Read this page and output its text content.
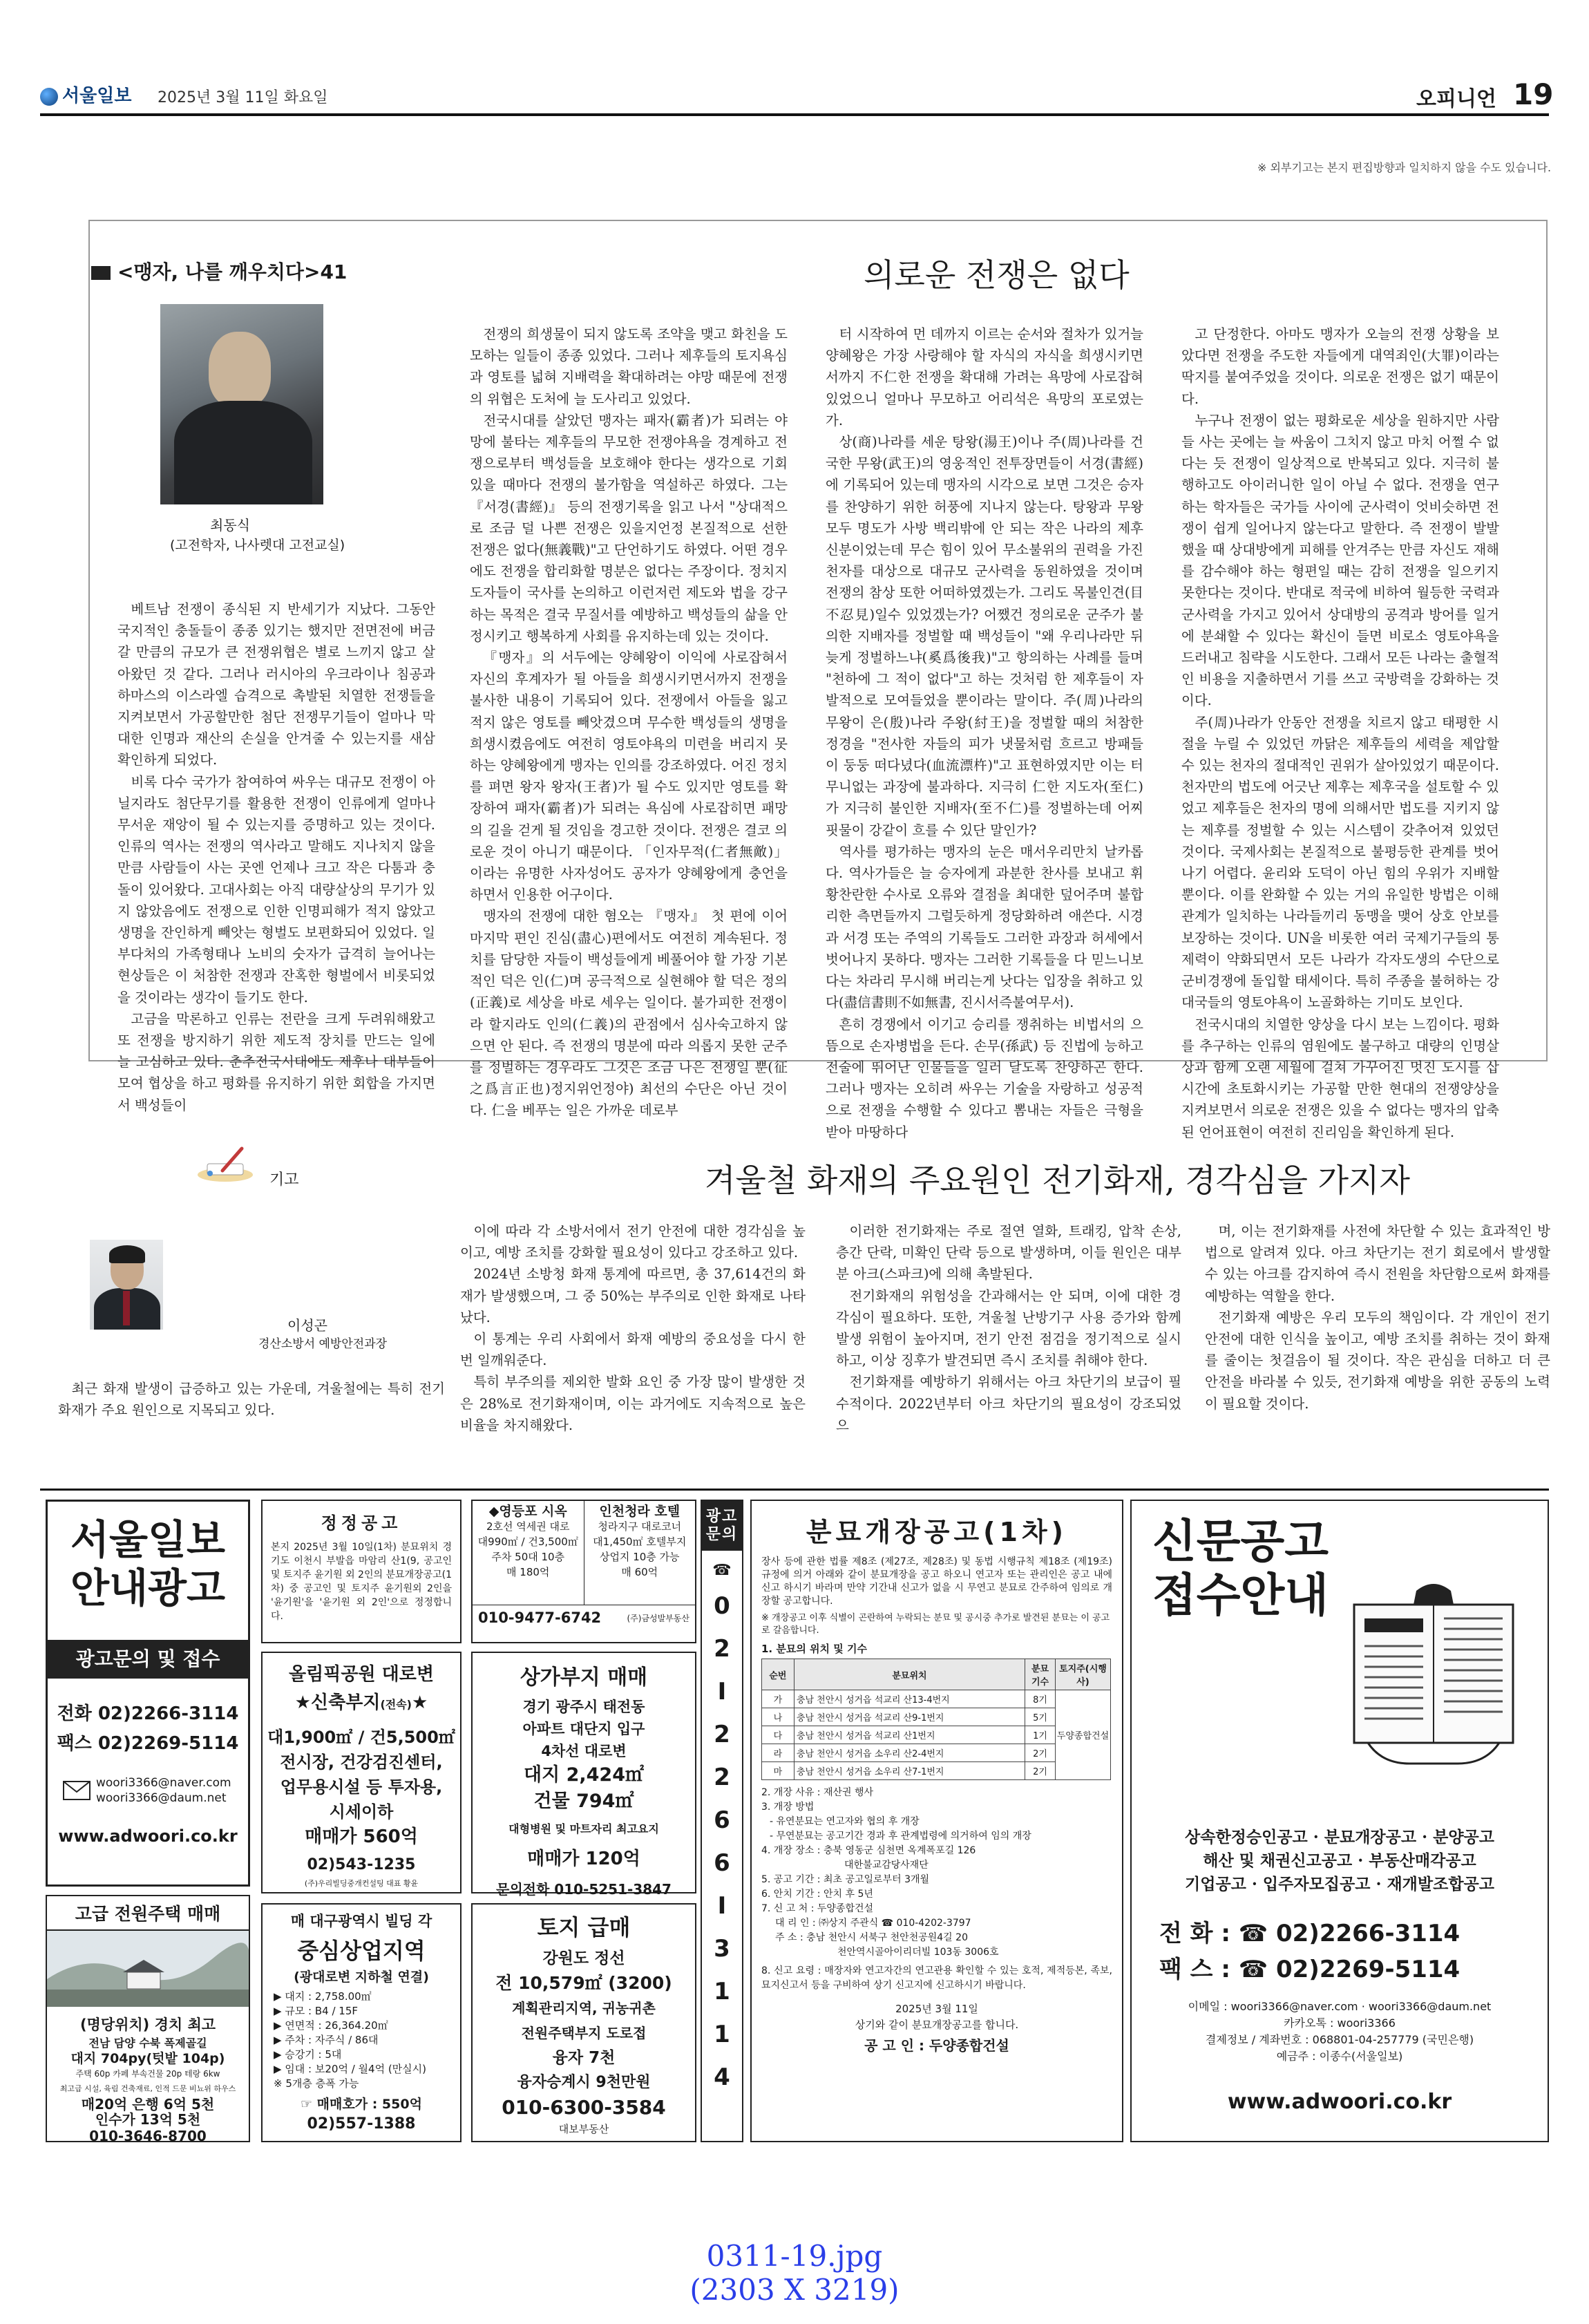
서울일보 2025년 3월 11일 화요일	오피니언 19
※ 외부기고는 본지 편집방향과 일치하지 않을 수도 있습니다.
<맹자, 나를 깨우치다>41	의로운 전쟁은 없다
최동식
(고전학자, 나사렛대 고전교실)

베트남 전쟁이 종식된 지 반세기가 지났다. 그동안 국지적인 충돌들이 종종 있기는 했지만 전면전에 버금갈 만큼의 규모가 큰 전쟁위협은 별로 느끼지 않고 살아왔던 것 같다. 그러나 러시아의 우크라이나 침공과 하마스의 이스라엘 습격으로 촉발된 치열한 전쟁들을 지켜보면서 가공할만한 첨단 전쟁무기들이 얼마나 막대한 인명과 재산의 손실을 안겨줄 수 있는지를 새삼 확인하게 되었다.

비록 다수 국가가 참여하여 싸우는 대규모 전쟁이 아닐지라도 첨단무기를 활용한 전쟁이 인류에게 얼마나 무서운 재앙이 될 수 있는지를 증명하고 있는 것이다. 인류의 역사는 전쟁의 역사라고 말해도 지나치지 않을 만큼 사람들이 사는 곳엔 언제나 크고 작은 다툼과 충돌이 있어왔다. 고대사회는 아직 대량살상의 무기가 있지 않았음에도 전쟁으로 인한 인명피해가 적지 않았고 생명을 잔인하게 빼앗는 형벌도 보편화되어 있었다. 일부다처의 가족형태나 노비의 숫자가 급격히 늘어나는 현상들은 이 처참한 전쟁과 잔혹한 형벌에서 비롯되었을 것이라는 생각이 들기도 한다.

고금을 막론하고 인류는 전란을 크게 두려워해왔고 또 전쟁을 방지하기 위한 제도적 장치를 만드는 일에 늘 고심하고 있다. 춘추전국시대에도 제후나 대부들이 모여 협상을 하고 평화를 유지하기 위한 회합을 가지면서 백성들이

전쟁의 희생물이 되지 않도록 조약을 맺고 화친을 도모하는 일들이 종종 있었다. 그러나 제후들의 토지욕심과 영토를 넓혀 지배력을 확대하려는 야망 때문에 전쟁의 위협은 도처에 늘 도사리고 있었다.

전국시대를 살았던 맹자는 패자(霸者)가 되려는 야망에 불타는 제후들의 무모한 전쟁야욕을 경계하고 전쟁으로부터 백성들을 보호해야 한다는 생각으로 기회 있을 때마다 전쟁의 불가함을 역설하곤 하였다. 그는 『서경(書經)』 등의 전쟁기록을 읽고 나서 "상대적으로 조금 덜 나쁜 전쟁은 있을지언정 본질적으로 선한 전쟁은 없다(無義戰)"고 단언하기도 하였다. 어떤 경우에도 전쟁을 합리화할 명분은 없다는 주장이다. 정치지도자들이 국사를 논의하고 이런저런 제도와 법을 강구하는 목적은 결국 무질서를 예방하고 백성들의 삶을 안정시키고 행복하게 사회를 유지하는데 있는 것이다.

『맹자』의 서두에는 양혜왕이 이익에 사로잡혀서 자신의 후계자가 될 아들을 희생시키면서까지 전쟁을 불사한 내용이 기록되어 있다. 전쟁에서 아들을 잃고 적지 않은 영토를 빼앗겼으며 무수한 백성들의 생명을 희생시켰음에도 여전히 영토야욕의 미련을 버리지 못하는 양혜왕에게 맹자는 인의를 강조하였다. 어진 정치를 펴면 왕자 왕자(王者)가 될 수도 있지만 영토를 확장하여 패자(霸者)가 되려는 욕심에 사로잡히면 패망의 길을 걷게 될 것임을 경고한 것이다. 전쟁은 결코 의로운 것이 아니기 때문이다. 「인자무적(仁者無敵)」이라는 유명한 사자성어도 공자가 양혜왕에게 충언을 하면서 인용한 어구이다.

맹자의 전쟁에 대한 혐오는 『맹자』 첫 편에 이어 마지막 편인 진심(盡心)편에서도 여전히 계속된다. 정치를 담당한 자들이 백성들에게 베풀어야 할 가장 기본적인 덕은 인(仁)며 공극적으로 실현해야 할 덕은 정의(正義)로 세상을 바로 세우는 일이다. 불가피한 전쟁이라 할지라도 인의(仁義)의 관점에서 심사숙고하지 않으면 안 된다. 즉 전쟁의 명분에 따라 의롭지 못한 군주를 정벌하는 경우라도 그것은 조금 나은 전쟁일 뿐(征之爲言正也)정지위언정야) 최선의 수단은 아닌 것이다. 仁을 베푸는 일은 가까운 데로부

터 시작하여 먼 데까지 이르는 순서와 절차가 있거늘 양혜왕은 가장 사랑해야 할 자식의 자식을 희생시키면서까지 不仁한 전쟁을 확대해 가려는 욕망에 사로잡혀 있었으니 얼마나 무모하고 어리석은 욕망의 포로였는가.

상(商)나라를 세운 탕왕(湯王)이나 주(周)나라를 건국한 무왕(武王)의 영웅적인 전투장면들이 서경(書經)에 기록되어 있는데 맹자의 시각으로 보면 그것은 승자를 찬양하기 위한 허풍에 지나지 않는다. 탕왕과 무왕 모두 명도가 사방 백리밖에 안 되는 작은 나라의 제후 신분이었는데 무슨 힘이 있어 무소불위의 권력을 가진 천자를 대상으로 대규모 군사력을 동원하였을 것이며 전쟁의 참상 또한 어떠하였겠는가. 그리도 목불인견(目不忍見)일수 있었겠는가? 어쨌건 정의로운 군주가 불의한 지배자를 정벌할 때 백성들이 "왜 우리나라만 뒤늦게 정벌하느냐(奚爲後我)"고 항의하는 사례를 들며 "천하에 그 적이 없다"고 하는 것처럼 한 제후들이 자발적으로 모여들었을 뿐이라는 말이다. 주(周)나라의 무왕이 은(殷)나라 주왕(紂王)을 정벌할 때의 처참한 정경을 "전사한 자들의 피가 냇물처럼 흐르고 방패들이 둥둥 떠다녔다(血流漂杵)"고 표현하였지만 이는 터무니없는 과장에 불과하다. 지극히 仁한 지도자(至仁)가 지극히 불인한 지배자(至不仁)를 정벌하는데 어찌 핏물이 강같이 흐를 수 있단 말인가?

역사를 평가하는 맹자의 눈은 매서우리만치 날카롭다. 역사가들은 늘 승자에게 과분한 찬사를 보내고 휘황찬란한 수사로 오류와 결점을 최대한 덮어주며 불합리한 측면들까지 그럴듯하게 정당화하려 애쓴다. 시경과 서경 또는 주역의 기록들도 그러한 과장과 허세에서 벗어나지 못하다. 맹자는 그러한 기록들을 다 믿느니보다는 차라리 무시해 버리는게 낫다는 입장을 취하고 있다(盡信書則不如無書, 진시서즉불여무서).

흔히 경쟁에서 이기고 승리를 쟁취하는 비법서의 으뜸으로 손자병법을 든다. 손무(孫武) 등 진법에 능하고 전술에 뛰어난 인물들을 일러 달도록 찬양하곤 한다. 그러나 맹자는 오히려 싸우는 기술을 자랑하고 성공적으로 전쟁을 수행할 수 있다고 뽐내는 자들은 극형을 받아 마땅하다

고 단정한다. 아마도 맹자가 오늘의 전쟁 상황을 보았다면 전쟁을 주도한 자들에게 대역죄인(大罪)이라는 딱지를 붙여주었을 것이다. 의로운 전쟁은 없기 때문이다.

누구나 전쟁이 없는 평화로운 세상을 원하지만 사람들 사는 곳에는 늘 싸움이 그치지 않고 마치 어쩔 수 없다는 듯 전쟁이 일상적으로 반복되고 있다. 지극히 불행하고도 아이러니한 일이 아닐 수 없다. 전쟁을 연구하는 학자들은 국가들 사이에 군사력이 엇비슷하면 전쟁이 쉽게 일어나지 않는다고 말한다. 즉 전쟁이 발발했을 때 상대방에게 피해를 안겨주는 만큼 자신도 재해를 감수해야 하는 형편일 때는 감히 전쟁을 일으키지 못한다는 것이다. 반대로 적국에 비하여 월등한 국력과 군사력을 가지고 있어서 상대방의 공격과 방어를 일거에 분쇄할 수 있다는 확신이 들면 비로소 영토야욕을 드러내고 침략을 시도한다. 그래서 모든 나라는 출혈적인 비용을 지출하면서 기를 쓰고 국방력을 강화하는 것이다.

주(周)나라가 안동안 전쟁을 치르지 않고 태평한 시절을 누릴 수 있었던 까닭은 제후들의 세력을 제압할 수 있는 천자의 절대적인 권위가 살아있었기 때문이다. 천자만의 법도에 어긋난 제후는 제후국을 설토할 수 있었고 제후들은 천자의 명에 의해서만 법도를 지키지 않는 제후를 정벌할 수 있는 시스템이 갖추어져 있었던 것이다. 국제사회는 본질적으로 불평등한 관계를 벗어나기 어렵다. 윤리와 도덕이 아닌 힘의 우위가 지배할 뿐이다. 이를 완화할 수 있는 거의 유일한 방법은 이해관계가 일치하는 나라들끼리 동맹을 맺어 상호 안보를 보장하는 것이다. UN을 비롯한 여러 국제기구들의 통제력이 약화되면서 모든 나라가 각자도생의 수단으로 군비경쟁에 돌입할 태세이다. 특히 주종을 불허하는 강대국들의 영토야욕이 노골화하는 기미도 보인다.

전국시대의 치열한 양상을 다시 보는 느낌이다. 평화를 추구하는 인류의 염원에도 불구하고 대량의 인명살상과 함께 오랜 세월에 걸쳐 가꾸어진 멋진 도시를 삽시간에 초토화시키는 가공할 만한 현대의 전쟁양상을 지켜보면서 의로운 전쟁은 있을 수 없다는 맹자의 압축된 언어표현이 여전히 진리임을 확인하게 된다.

기고	겨울철 화재의 주요원인 전기화재, 경각심을 가지자
이성곤
경산소방서 예방안전과장

최근 화재 발생이 급증하고 있는 가운데, 겨울철에는 특히 전기화재가 주요 원인으로 지목되고 있다.

이에 따라 각 소방서에서 전기 안전에 대한 경각심을 높이고, 예방 조치를 강화할 필요성이 있다고 강조하고 있다.

2024년 소방청 화재 통계에 따르면, 총 37,614건의 화재가 발생했으며, 그 중 50%는 부주의로 인한 화재로 나타났다.

이 통계는 우리 사회에서 화재 예방의 중요성을 다시 한번 일깨워준다.

특히 부주의를 제외한 발화 요인 중 가장 많이 발생한 것은 28%로 전기화재이며, 이는 과거에도 지속적으로 높은 비율을 차지해왔다.

이러한 전기화재는 주로 절연 열화, 트래킹, 압착 손상, 층간 단락, 미확인 단락 등으로 발생하며, 이들 원인은 대부분 아크(스파크)에 의해 촉발된다.

전기화재의 위험성을 간과해서는 안 되며, 이에 대한 경각심이 필요하다. 또한, 겨울철 난방기구 사용 증가와 함께 발생 위험이 높아지며, 전기 안전 점검을 정기적으로 실시하고, 이상 징후가 발견되면 즉시 조치를 취해야 한다.

전기화재를 예방하기 위해서는 아크 차단기의 보급이 필수적이다. 2022년부터 아크 차단기의 필요성이 강조되었으

며, 이는 전기화재를 사전에 차단할 수 있는 효과적인 방법으로 알려져 있다. 아크 차단기는 전기 회로에서 발생할 수 있는 아크를 감지하여 즉시 전원을 차단함으로써 화재를 예방하는 역할을 한다.

전기화재 예방은 우리 모두의 책임이다. 각 개인이 전기 안전에 대한 인식을 높이고, 예방 조치를 취하는 것이 화재를 줄이는 첫걸음이 될 것이다. 작은 관심을 더하고 더 큰 안전을 바라볼 수 있듯, 전기화재 예방을 위한 공동의 노력이 필요할 것이다.

서울일보
안내광고
광고문의 및 접수
전화 02)2266-3114
팩스 02)2269-5114
woori3366@naver.com
woori3366@daum.net
www.adwoori.co.kr
정정공고
본지 2025년 3월 10일(1차) 분묘위치 경기도 이천시 부발읍 마암리 산1(9, 공고인 및 토지주 윤기원 외 2인의 분묘개장공고(1차) 중 공고인 및 토지주 윤기원외 2인을 '윤기원'을 '윤기원 외 2인'으로 정정합니다.
◆영등포 시옥
2호선 역세권 대로
대990㎡ / 건3,500㎡
주차 50대 10층
매 180억
인천청라 호텔
청라지구 대로코너
대1,450㎡ 호텔부지
상업지 10층 가능
매 60억
010-9477-6742	(주)금성발부동산
광고문의
☎
0
2
I
2
2
6
6
I
3
1
1
4
올림픽공원 대로변
★신축부지(전속)★
대1,900㎡ / 건5,500㎡
전시장, 건강검진센터,
업무용시설 등 투자용,
시세이하
매매가 560억
02)543-1235
(주)우리빌딩중개컨설팅 대표 황윤
상가부지 매매
경기 광주시 태전동
아파트 대단지 입구
4차선 대로변
대지 2,424㎡
건물 794㎡
대형병원 및 마트자리 최고요지
매매가 120억
문의전화 010-5251-3847
분묘개장공고(1차)
장사 등에 관한 법률 제8조 (제27조, 제28조) 및 동법 시행규칙 제18조 (제19조) 규정에 의거 아래와 같이 분묘개장을 공고 하오니 연고자 또는 관리인은 공고 내에 신고 하시기 바라며 만약 기간내 신고가 없을 시 무연고 분묘로 간주하여 임의로 개장할 공고합니다.
※ 개장공고 이후 식별이 곤란하여 누락되는 분묘 및 공시중 추가로 발견된 분묘는 이 공고로 갈음합니다.
1. 분묘의 위치 및 기수
순번	분묘위치	분묘기수	토지주(시행사)
가	충남 천안시 성거읍 석교리 산13-4번지	8기	두양종합건설
나	충남 천안시 성거읍 석교리 산9-1번지	5기	
다	충남 천안시 성거읍 석교리 산1번지	1기	
라	충남 천안시 성거읍 소우리 산2-4번지	2기	
마	충남 천안시 성거읍 소우리 산7-1번지	2기	
2. 개장 사유 : 재산권 행사
3. 개장 방법
- 유연분묘는 연고자와 협의 후 개장
- 무연분묘는 공고기간 경과 후 관계법령에 의거하여 임의 개장
4. 개장 장소 : 충북 영동군 심천면 옥계폭포길 126
대한불교감당사재단
5. 공고 기간 : 최초 공고일로부터 3개월
6. 안치 기간 : 안치 후 5년
7. 신 고 처 : 두양종합건설
대 리 인 : ㈜상지 주관식 ☎ 010-4202-3797
주 소 : 충남 천안시 서북구 천안천공원4길 20
천안역시골아이리더빌 103동 3006호
8. 신고 요령 : 매장자와 연고자간의 연고관용 확인할 수 있는 호적, 제적등본, 족보, 묘지신고서 등을 구비하여 상기 신고지에 신고하시기 바랍니다.
2025년 3월 11일
상기와 같이 분묘개장공고를 합니다.
공 고 인 : 두양종합건설
신문공고
접수안내
상속한정승인공고 · 분묘개장공고 · 분양공고
해산 및 채권신고공고 · 부동산매각공고
기업공고 · 입주자모집공고 · 재개발조합공고
전 화 : ☎ 02)2266-3114
팩 스 : ☎ 02)2269-5114
이메일 : woori3366@naver.com · woori3366@daum.net
카카오톡 : woori3366
결제정보 / 계좌번호 : 068801-04-257779 (국민은행)
예금주 : 이종수(서울일보)
www.adwoori.co.kr
고급 전원주택 매매
(명당위치) 경치 최고
전남 담양 수북 폭제골길
대지 704py(텃밭 104p)
주택 60p 카페 부속건물 20p 테랑 6kw
최고급 시설, 육림 건축재료, 인적 드문 비뇨위 하우스
매20억 은행 6억 5천
인수가 13억 5천
010-3646-8700
매 대구광역시 빌딩 각
중심상업지역
(광대로변 지하철 연결)
▶ 대지 : 2,758.00㎡
▶ 규모 : B4 / 15F
▶ 연면적 : 26,364.20㎡
▶ 주차 : 자주식 / 86대
▶ 승강기 : 5대
▶ 임대 : 보20억 / 월4억 (만실시)
※ 5개층 층폭 가능
☞ 매매호가 : 550억
02)557-1388
토지 급매
강원도 정선
전 10,579㎡ (3200)
계획관리지역, 귀농귀촌
전원주택부지 도로접
융자 7천
융자승계시 9천만원
010-6300-3584
대보부동산
0311-19.jpg
(2303 X 3219)
